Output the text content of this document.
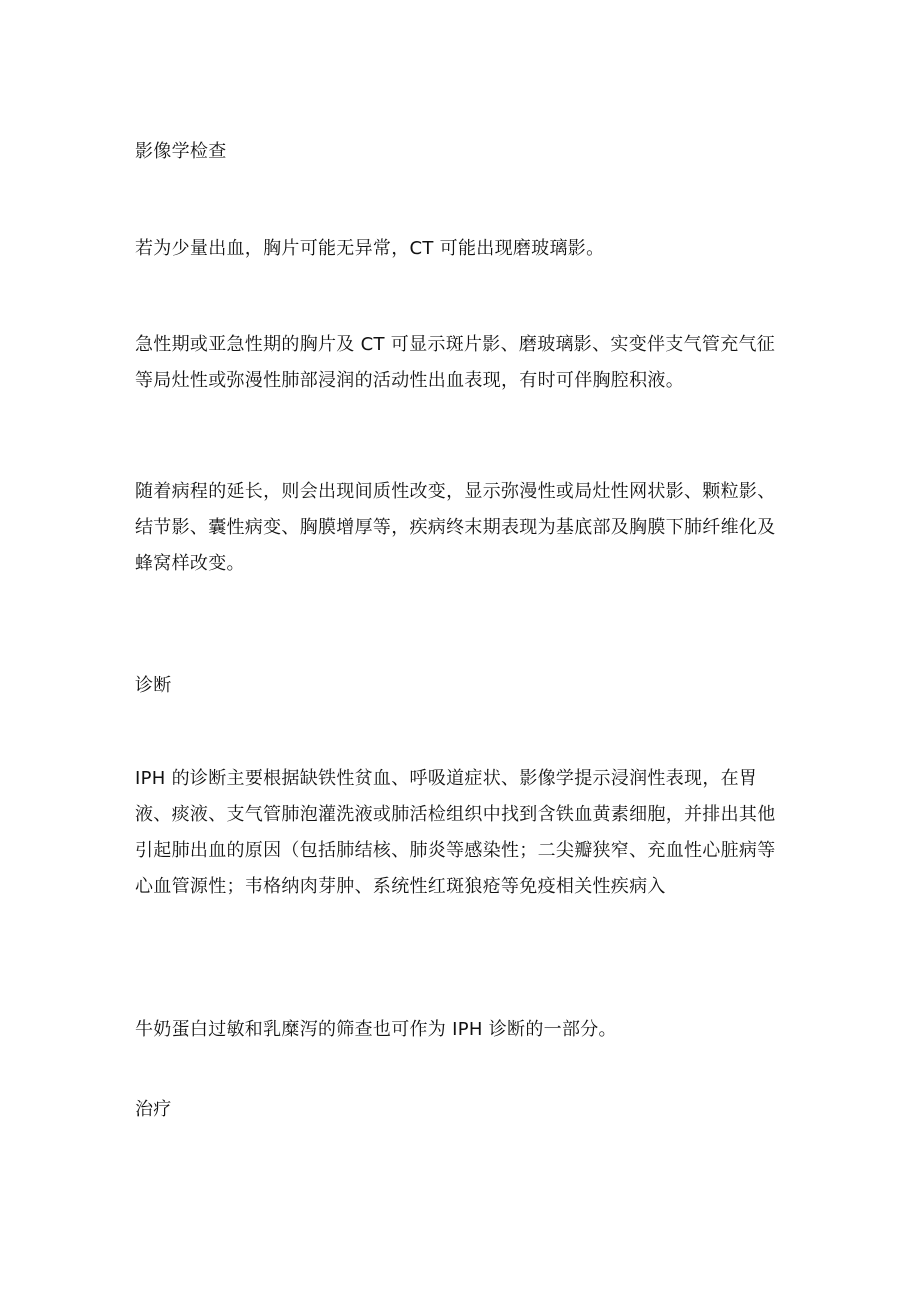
影像学检查

若为少量出血，胸片可能无异常，CT 可能出现磨玻璃影。

急性期或亚急性期的胸片及 CT 可显示斑片影、磨玻璃影、实变伴支气管充气征
等局灶性或弥漫性肺部浸润的活动性出血表现，有时可伴胸腔积液。

随着病程的延长，则会出现间质性改变，显示弥漫性或局灶性网状影、颗粒影、
结节影、囊性病变、胸膜增厚等，疾病终末期表现为基底部及胸膜下肺纤维化及
蜂窝样改变。

诊断

IPH 的诊断主要根据缺铁性贫血、呼吸道症状、影像学提示浸润性表现，在胃
液、痰液、支气管肺泡灌洗液或肺活检组织中找到含铁血黄素细胞，并排出其他
引起肺出血的原因（包括肺结核、肺炎等感染性；二尖瓣狭窄、充血性心脏病等
心血管源性；韦格纳肉芽肿、系统性红斑狼疮等免疫相关性疾病入

牛奶蛋白过敏和乳糜泻的筛查也可作为 IPH 诊断的一部分。

治疗
